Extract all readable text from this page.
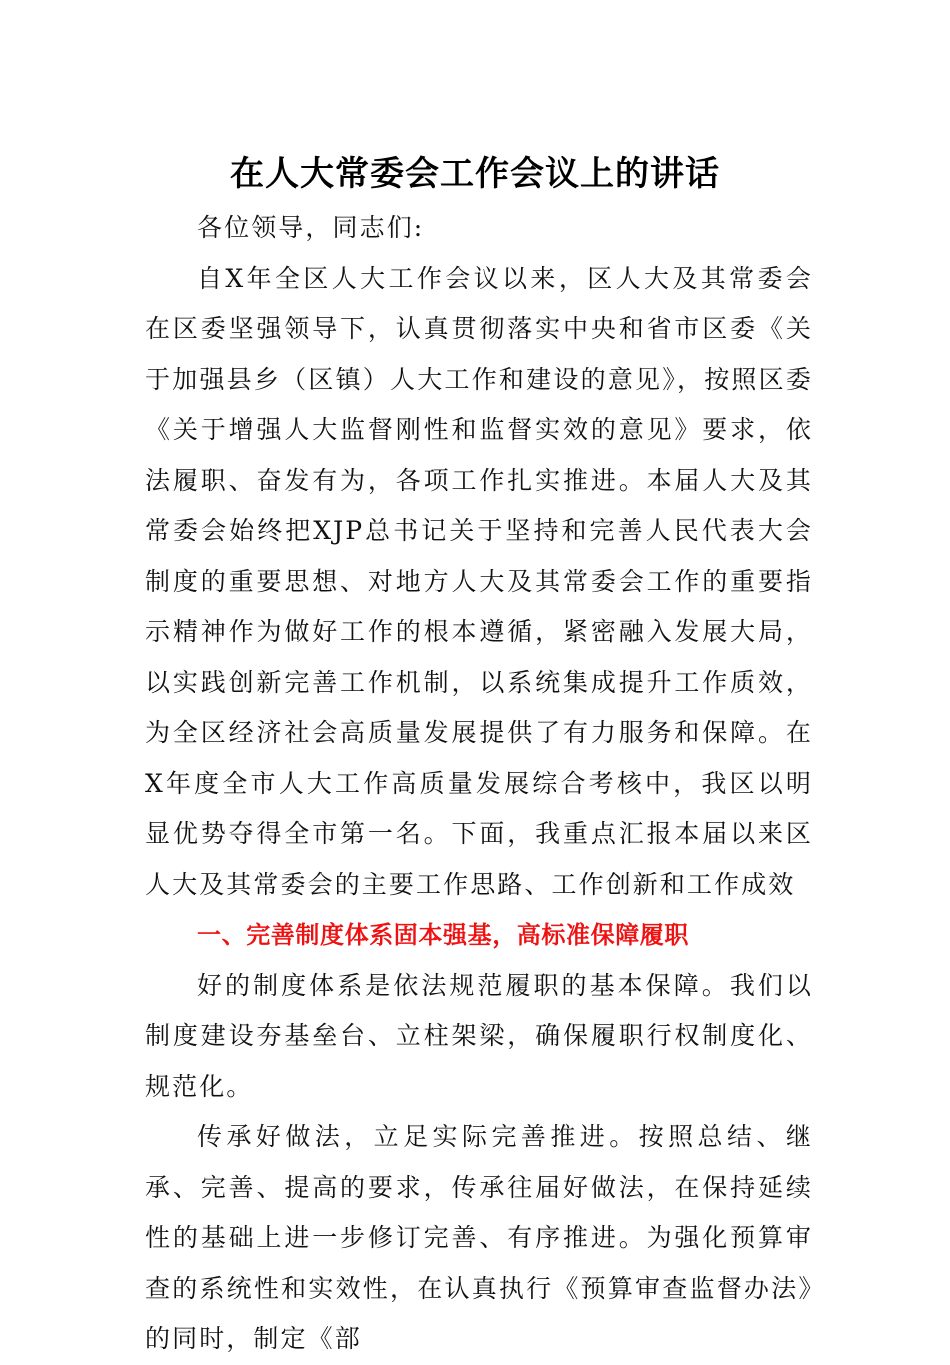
在人大常委会工作会议上的讲话

各位领导，同志们:

自X年全区人大工作会议以来，区人大及其常委会在区委坚强领导下，认真贯彻落实中央和省市区委《关于加强县乡（区镇）人大工作和建设的意见》，按照区委《关于增强人大监督刚性和监督实效的意见》要求，依法履职、奋发有为，各项工作扎实推进。本届人大及其常委会始终把XJP总书记关于坚持和完善人民代表大会制度的重要思想、对地方人大及其常委会工作的重要指示精神作为做好工作的根本遵循，紧密融入发展大局，以实践创新完善工作机制，以系统集成提升工作质效，为全区经济社会高质量发展提供了有力服务和保障。在X年度全市人大工作高质量发展综合考核中，我区以明显优势夺得全市第一名。下面，我重点汇报本届以来区人大及其常委会的主要工作思路、工作创新和工作成效

一、完善制度体系固本强基，高标准保障履职

好的制度体系是依法规范履职的基本保障。我们以制度建设夯基垒台、立柱架梁，确保履职行权制度化、规范化。

传承好做法，立足实际完善推进。按照总结、继承、完善、提高的要求，传承往届好做法，在保持延续性的基础上进一步修订完善、有序推进。为强化预算审查的系统性和实效性，在认真执行《预算审查监督办法》的同时，制定《部
